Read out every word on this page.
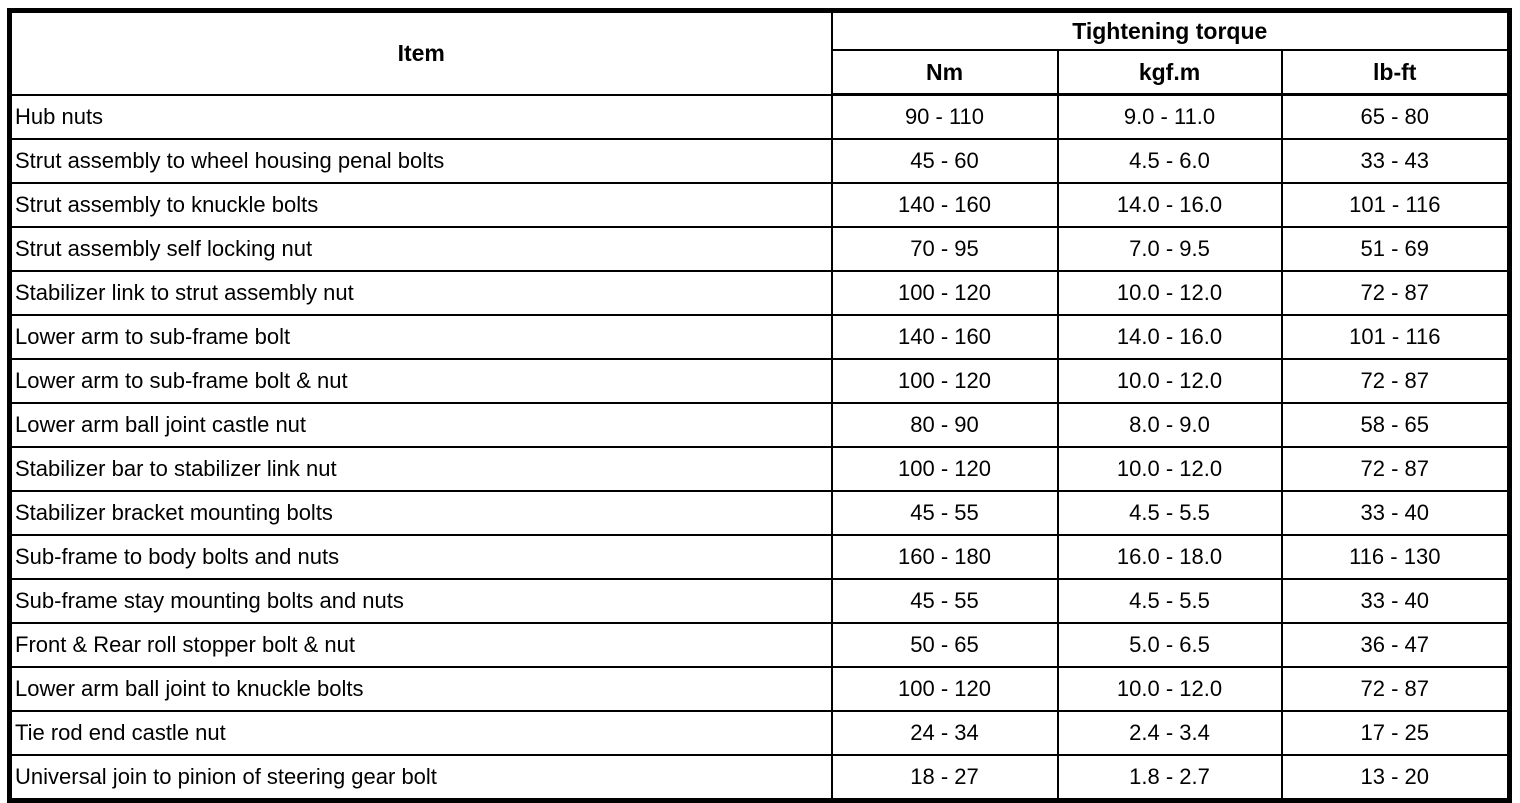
Item	Tightening torque		
	Nm	kgf.m	lb-ft
Hub nuts	90 - 110	9.0 - 11.0	65 - 80
Strut assembly to wheel housing penal bolts	45 - 60	4.5 - 6.0	33 - 43
Strut assembly to knuckle bolts	140 - 160	14.0 - 16.0	101 - 116
Strut assembly self locking nut	70 - 95	7.0 - 9.5	51 - 69
Stabilizer link to strut assembly nut	100 - 120	10.0 - 12.0	72 - 87
Lower arm to sub-frame bolt	140 - 160	14.0 - 16.0	101 - 116
Lower arm to sub-frame bolt & nut	100 - 120	10.0 - 12.0	72 - 87
Lower arm ball joint castle nut	80 - 90	8.0 - 9.0	58 - 65
Stabilizer bar to stabilizer link nut	100 - 120	10.0 - 12.0	72 - 87
Stabilizer bracket mounting bolts	45 - 55	4.5 - 5.5	33 - 40
Sub-frame to body bolts and nuts	160 - 180	16.0 - 18.0	116 - 130
Sub-frame stay mounting bolts and nuts	45 - 55	4.5 - 5.5	33 - 40
Front & Rear roll stopper bolt & nut	50 - 65	5.0 - 6.5	36 - 47
Lower arm ball joint to knuckle bolts	100 - 120	10.0 - 12.0	72 - 87
Tie rod end castle nut	24 - 34	2.4 - 3.4	17 - 25
Universal join to pinion of steering gear bolt	18 - 27	1.8 - 2.7	13 - 20
